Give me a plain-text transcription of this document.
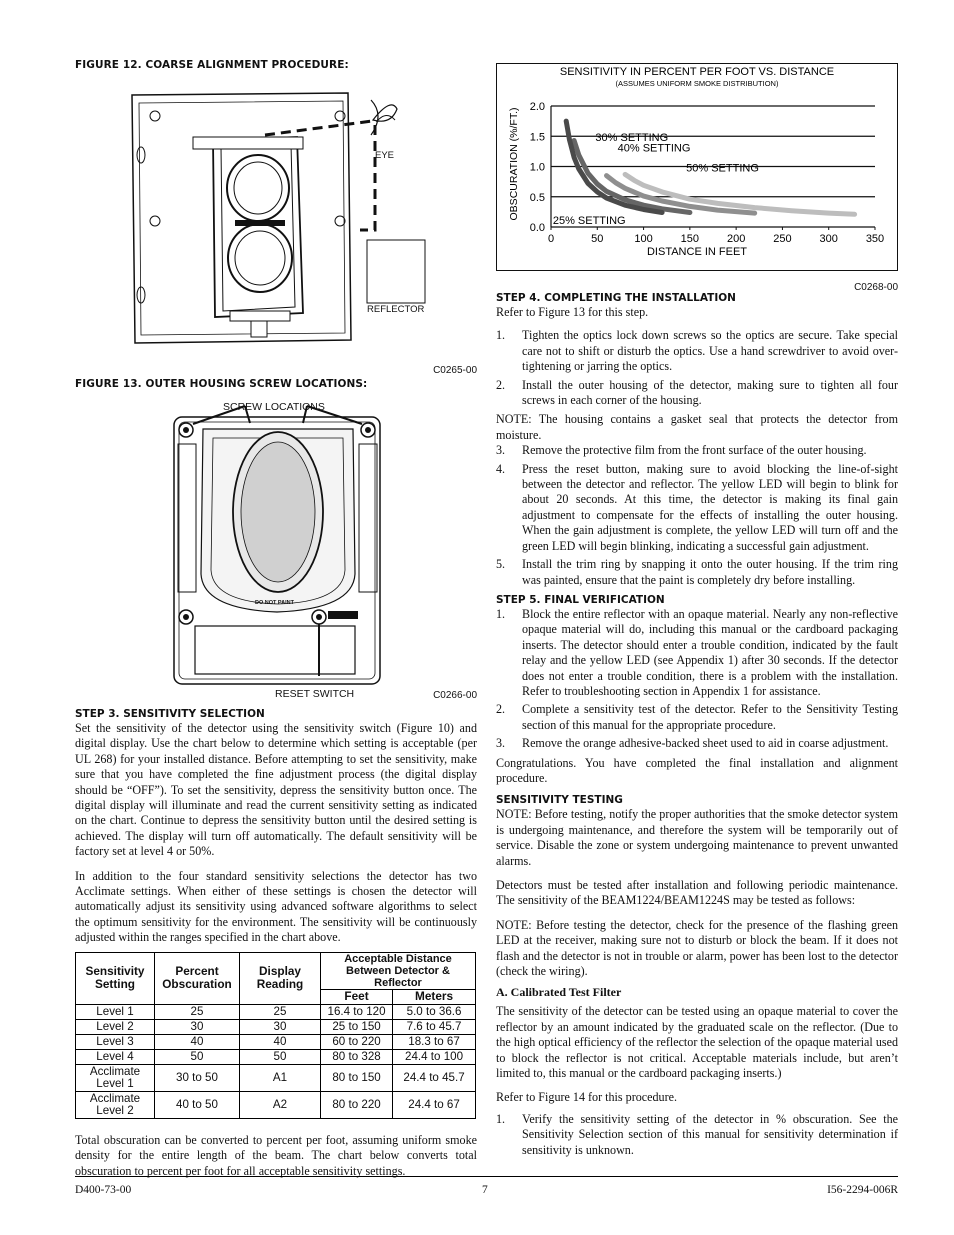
FIGURE 12. COARSE ALIGNMENT PROCEDURE:

EYE
REFLECTOR
C0265-00

FIGURE 13. OUTER HOUSING SCREW LOCATIONS:

SCREW LOCATIONS
DO NOT PAINT
RESET SWITCH	C0266-00

STEP 3. SENSITIVITY SELECTION

Set the sensitivity of the detector using the sensitivity switch (Figure 10) and digital display. Use the chart below to determine which setting is acceptable (per UL 268) for your installed distance. Before attempting to set the sensitivity, make sure that you have completed the fine adjustment process (the digital display should be “OFF”). To set the sensitivity, depress the sensitivity button once. The digital display will illuminate and read the current sensitivity setting as indicated on the chart. Continue to depress the sensitivity button until the desired setting is achieved. The display will turn off automatically. The default sensitivity will be factory set at level 4 or 50%.

In addition to the four standard sensitivity selections the detector has two Acclimate settings. When either of these settings is chosen the detector will automatically adjust its sensitivity using advanced software algorithms to select the optimum sensitivity for the environment. The sensitivity will be continuously adjusted within the ranges specified in the chart above.

Sensitivity Setting	Percent Obscuration	Display Reading	Acceptable Distance Between Detector & Reflector	
			Feet	Meters
Level 1	25	25	16.4 to 120	5.0 to 36.6
Level 2	30	30	25 to 150	7.6 to 45.7
Level 3	40	40	60 to 220	18.3 to 67
Level 4	50	50	80 to 328	24.4 to 100
Acclimate Level 1	30 to 50	A1	80 to 150	24.4 to 45.7
Acclimate Level 2	40 to 50	A2	80 to 220	24.4 to 67

Total obscuration can be converted to percent per foot, assuming uniform smoke density for the entire length of the beam. The chart below converts total obscuration to percent per foot for all acceptable sensitivity settings.

SENSITIVITY IN PERCENT PER FOOT VS. DISTANCE
(ASSUMES UNIFORM SMOKE DISTRIBUTION)
OBSCURATION (%/FT.)
DISTANCE IN FEET
0.0
0.5
1.0
1.5
2.0
0	50	100	150	200	250	300	350
25% SETTING
30% SETTING
40% SETTING
50% SETTING
C0268-00

STEP 4. COMPLETING THE INSTALLATION

Refer to Figure 13 for this step.

1. Tighten the optics lock down screws so the optics are secure. Take special care not to shift or disturb the optics. Use a hand screwdriver to avoid over-tightening or jarring the optics.
2. Install the outer housing of the detector, making sure to tighten all four screws in each corner of the housing.

NOTE: The housing contains a gasket seal that protects the detector from moisture.

3. Remove the protective film from the front surface of the outer housing.
4. Press the reset button, making sure to avoid blocking the line-of-sight between the detector and reflector. The yellow LED will begin to blink for about 20 seconds. At this time, the detector is making its final gain adjustment to compensate for the effects of installing the outer housing. When the gain adjustment is complete, the yellow LED will turn off and the green LED will begin blinking, indicating a successful gain adjustment.
5. Install the trim ring by snapping it onto the outer housing. If the trim ring was painted, ensure that the paint is completely dry before installing.

STEP 5. FINAL VERIFICATION

1. Block the entire reflector with an opaque material. Nearly any non-reflective opaque material will do, including this manual or the cardboard packaging inserts. The detector should enter a trouble condition, indicated by the fault relay and the yellow LED (see Appendix 1) after 30 seconds. If the detector does not enter a trouble condition, there is a problem with the installation. Refer to troubleshooting section in Appendix 1 for assistance.
2. Complete a sensitivity test of the detector. Refer to the Sensitivity Testing section of this manual for the appropriate procedure.
3. Remove the orange adhesive-backed sheet used to aid in coarse adjustment.

Congratulations. You have completed the final installation and alignment procedure.

SENSITIVITY TESTING

NOTE: Before testing, notify the proper authorities that the smoke detector system is undergoing maintenance, and therefore the system will be temporarily out of service. Disable the zone or system undergoing maintenance to prevent unwanted alarms.

Detectors must be tested after installation and following periodic maintenance. The sensitivity of the BEAM1224/BEAM1224S may be tested as follows:

NOTE: Before testing the detector, check for the presence of the flashing green LED at the receiver, making sure not to disturb or block the beam. If it does not flash and the detector is not in trouble or alarm, power has been lost to the detector (check the wiring).

A. Calibrated Test Filter

The sensitivity of the detector can be tested using an opaque material to cover the reflector by an amount indicated by the graduated scale on the reflector. (Due to the high optical efficiency of the reflector the selection of the opaque material used to block the reflector is not critical. Acceptable materials include, but aren’t limited to, this manual or the cardboard packaging inserts.)

Refer to Figure 14 for this procedure.

1. Verify the sensitivity setting of the detector in % obscuration. See the Sensitivity Selection section of this manual for sensitivity determination if sensitivity is unknown.
D400-73-00	7	I56-2294-006R
